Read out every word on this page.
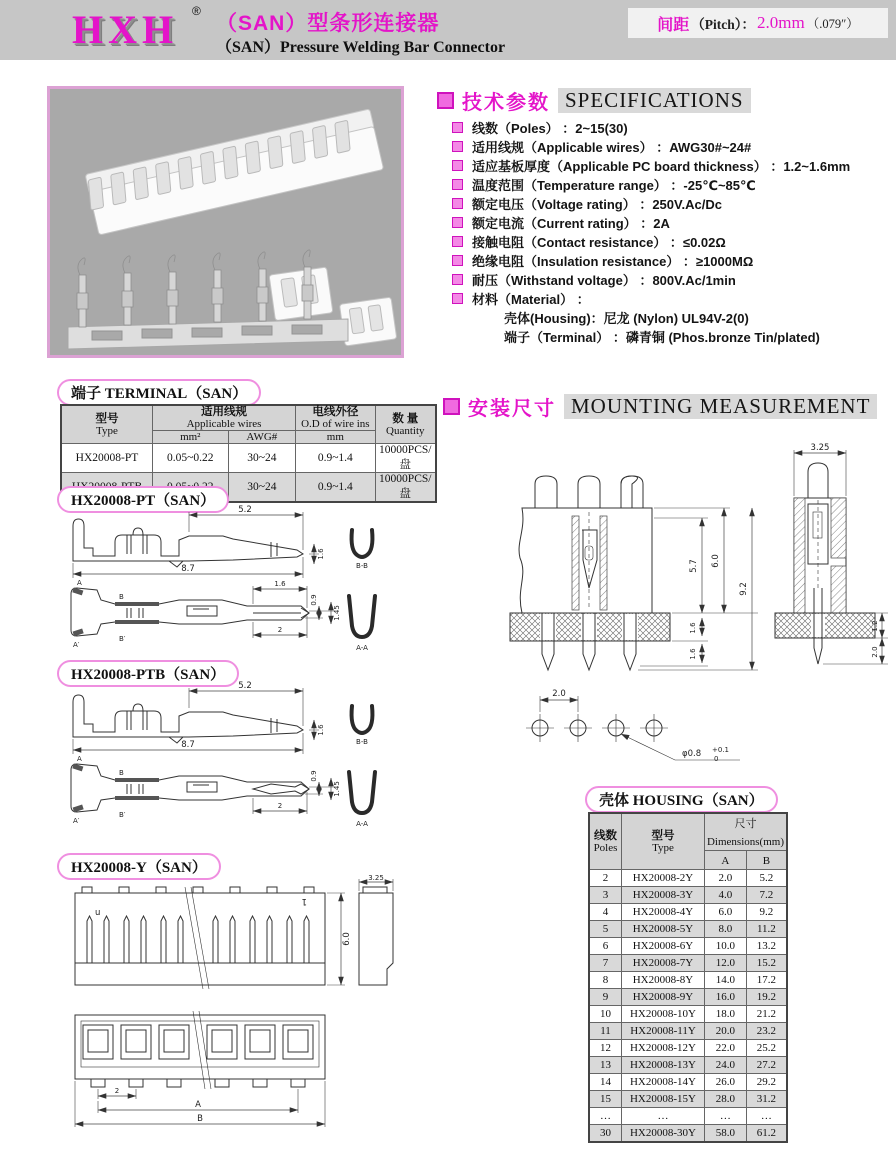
HXH ®
（SAN）型条形连接器
（SAN）Pressure Welding Bar Connector
间距 （Pitch）： 2.0mm （.079″）
技术参数 SPECIFICATIONS
线数（Poles） ：2~15(30)
适用线规（Applicable wires） ：AWG30#~24#
适应基板厚度（Applicable PC board thickness） ：1.2~1.6mm
温度范围（Temperature range） ：-25℃~85℃
额定电压（Voltage rating） ：250V.Ac/Dc
额定电流（Current rating） ：2A
接触电阻（Contact resistance） ：≤0.02Ω
绝缘电阻（Insulation resistance） ：≥1000MΩ
耐压（Withstand voltage） ：800V.Ac/1min
材料（Material） ：
壳体(Housing)：尼龙 (Nylon) UL94V-2(0)
端子（Terminal） ：磷青铜 (Phos.bronze Tin/plated)
端子 TERMINAL（SAN）
型号
Type

适用线规
Applicable wires

电线外径
O.D of wire ins	数 量
Quantity

	mm²	AWG#	mm	
HX20008-PT	0.05~0.22	30~24	0.9~1.4	10000PCS/盘
		30~24	0.9~1.4	10000PCS/盘
安装尺寸 MOUNTING MEASUREMENT
5.7 6.0
9.2
1.6
1.6
3.25
1.2
2.0
2.0
φ0.8 +0.1
0
HX20008-PT（SAN）
5.2
1.6
8.7
A
B
B′
A′
1.6
0.9
1.45
2
B-B
A-A
HX20008-PTB（SAN）
5.2
1.6
8.7
A
B
B′
A′
0.9
1.45
2
B-B
A-A
HX20008-Y（SAN）
u
1
6.0
3.25
2
A
B
壳体 HOUSING（SAN）
线数
Poles

型号
Type
	尺寸 Dimensions(mm)
		A	B
2	HX20008-2Y	2.0	5.2
3	HX20008-3Y	4.0	7.2
4	HX20008-4Y	6.0	9.2
5	HX20008-5Y	8.0	11.2
6	HX20008-6Y	10.0	13.2
7	HX20008-7Y	12.0	15.2
8	HX20008-8Y	14.0	17.2
9	HX20008-9Y	16.0	19.2
10	HX20008-10Y	18.0	21.2
11	HX20008-11Y	20.0	23.2
12	HX20008-12Y	22.0	25.2
13	HX20008-13Y	24.0	27.2
14	HX20008-14Y	26.0	29.2
15	HX20008-15Y	28.0	31.2
…	…	…	…
30	HX20008-30Y	58.0	61.2
